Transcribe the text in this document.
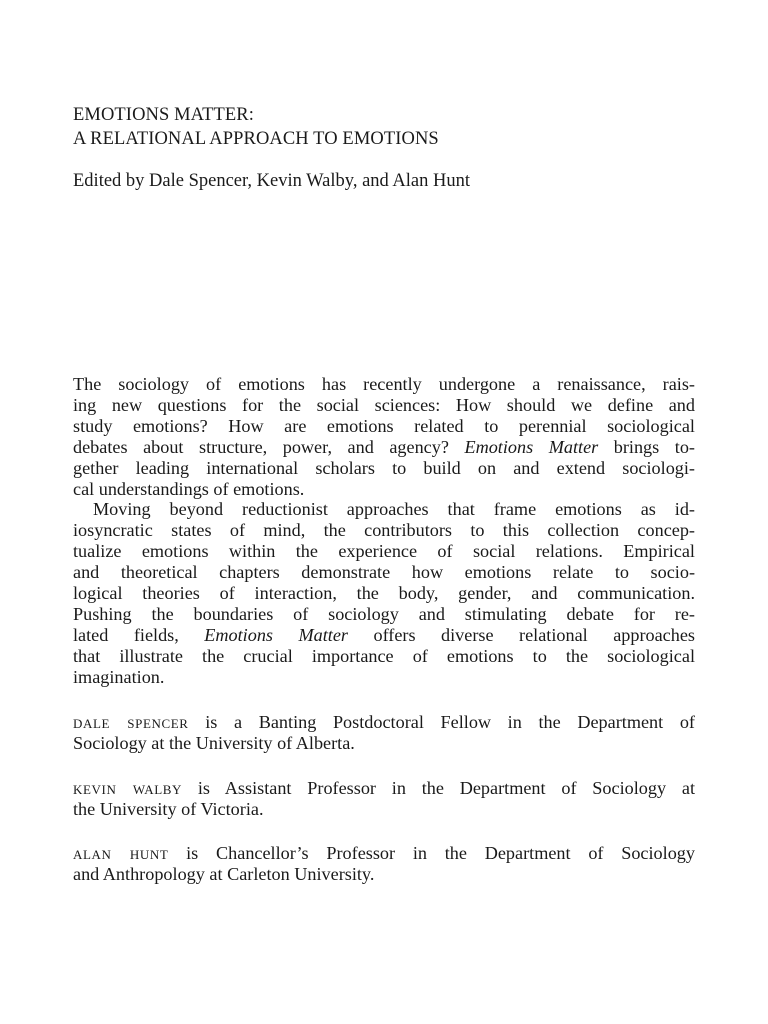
EMOTIONS MATTER:
A RELATIONAL APPROACH TO EMOTIONS
Edited by Dale Spencer, Kevin Walby, and Alan Hunt
The sociology of emotions has recently undergone a renaissance, rais-
ing new questions for the social sciences: How should we define and
study emotions? How are emotions related to perennial sociological
debates about structure, power, and agency? Emotions Matter brings to-
gether leading international scholars to build on and extend sociologi-
cal understandings of emotions.
Moving beyond reductionist approaches that frame emotions as id-
iosyncratic states of mind, the contributors to this collection concep-
tualize emotions within the experience of social relations. Empirical
and theoretical chapters demonstrate how emotions relate to socio-
logical theories of interaction, the body, gender, and communication.
Pushing the boundaries of sociology and stimulating debate for re-
lated fields, Emotions Matter offers diverse relational approaches
that illustrate the crucial importance of emotions to the sociological
imagination.
dale spencer is a Banting Postdoctoral Fellow in the Department of
Sociology at the University of Alberta.
kevin walby is Assistant Professor in the Department of Sociology at
the University of Victoria.
alan hunt is Chancellor’s Professor in the Department of Sociology
and Anthropology at Carleton University.
